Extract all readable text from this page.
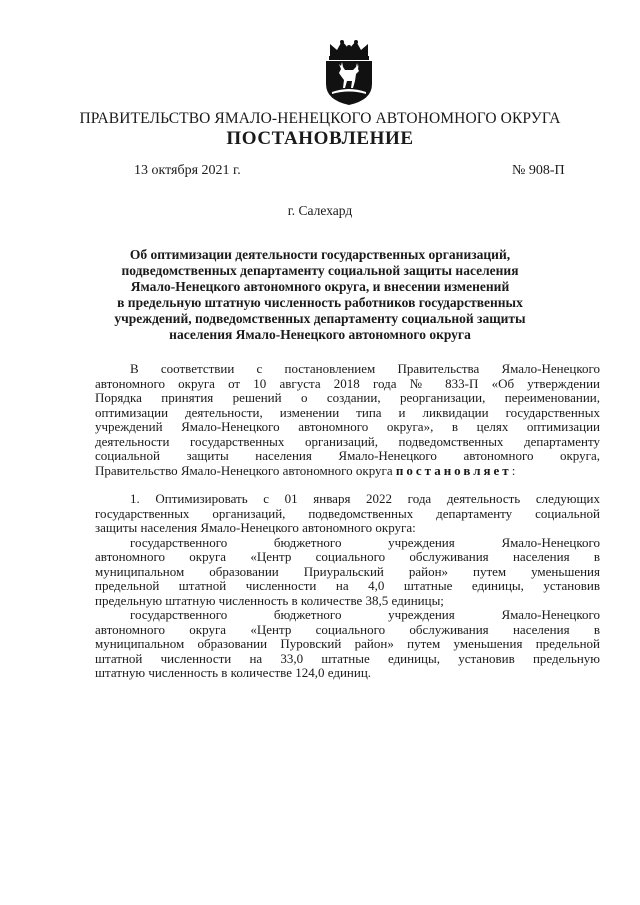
ПРАВИТЕЛЬСТВО ЯМАЛО-НЕНЕЦКОГО АВТОНОМНОГО ОКРУГА
ПОСТАНОВЛЕНИЕ
13 октября 2021 г.	№ 908-П
г. Салехард
Об оптимизации деятельности государственных организаций,
подведомственных департаменту социальной защиты населения
Ямало-Ненецкого автономного округа, и внесении изменений
в предельную штатную численность работников государственных
учреждений, подведомственных департаменту социальной защиты
населения Ямало-Ненецкого автономного округа
В соответствии с постановлением Правительства Ямало-Ненецкого
автономного округа от 10 августа 2018 года № 833-П «Об утверждении
Порядка принятия решений о создании, реорганизации, переименовании,
оптимизации деятельности, изменении типа и ликвидации государственных
учреждений Ямало-Ненецкого автономного округа», в целях оптимизации
деятельности государственных организаций, подведомственных департаменту
социальной защиты населения Ямало-Ненецкого автономного округа,
Правительство Ямало-Ненецкого автономного округа постановляет:
1. Оптимизировать с 01 января 2022 года деятельность следующих
государственных организаций, подведомственных департаменту социальной
защиты населения Ямало-Ненецкого автономного округа:
государственного бюджетного учреждения Ямало-Ненецкого
автономного округа «Центр социального обслуживания населения в
муниципальном образовании Приуральский район» путем уменьшения
предельной штатной численности на 4,0 штатные единицы, установив
предельную штатную численность в количестве 38,5 единицы;
государственного бюджетного учреждения Ямало-Ненецкого
автономного округа «Центр социального обслуживания населения в
муниципальном образовании Пуровский район» путем уменьшения предельной
штатной численности на 33,0 штатные единицы, установив предельную
штатную численность в количестве 124,0 единиц.
